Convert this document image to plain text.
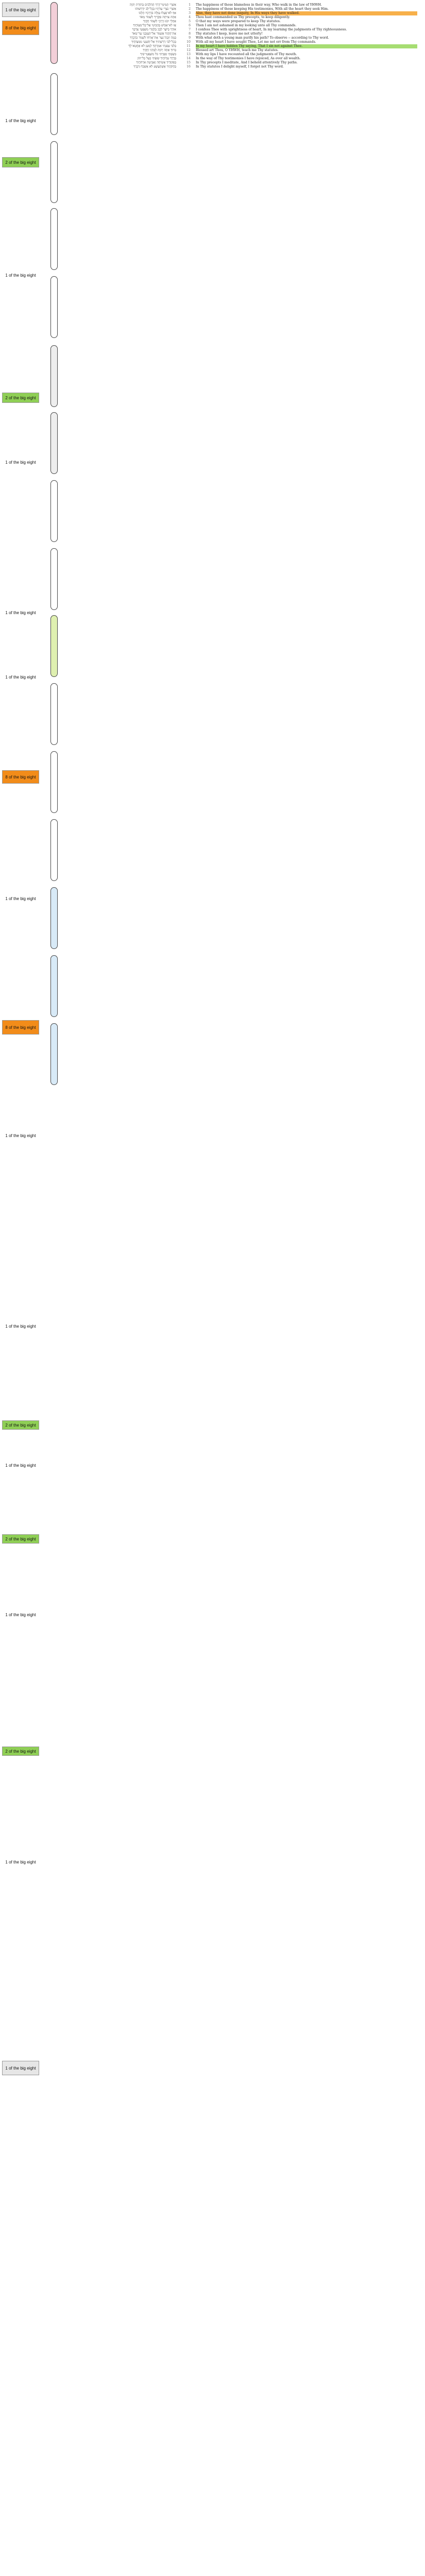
1 of the big eight
8 of the big eight
1 of the big eight
2 of the big eight
1 of the big eight
2 of the big eight
1 of the big eight
1 of the big eight
1 of the big eight
8 of the big eight
1 of the big eight
8 of the big eight
1 of the big eight
1 of the big eight
2 of the big eight
1 of the big eight
2 of the big eight
1 of the big eight
2 of the big eight
1 of the big eight
1 of the big eight
אַשְׁרֵי תְמִימֵי־דָרֶךְ הַהֹלְכִים בְּתוֹרַת יְהוָה	1 The happiness of those blameless in their way, Who walk in the law of YHWH.
אַשְׁרֵי נֹצְרֵי עֵדֹתָיו בְּכָל־לֵב יִדְרְשׁוּהוּ	2 The happiness of those keeping His testimonies, With all the heart they seek Him.
אַף לֹא־פָעֲלוּ עַוְלָה בִּדְרָכָיו הָלָכוּ	3 Also, they have not done iniquity, In His ways they have walked.
אַתָּה צִוִּיתָה פִקֻּדֶיךָ לִשְׁמֹר מְאֹד	4 Thou hast commanded us Thy precepts, to keep diligently.
אַחֲלַי יִכֹּנוּ דְרָכָי לִשְׁמֹר חֻקֶּיךָ	5 O that my ways were prepared to keep Thy statutes.
אָז לֹא־אֵבוֹשׁ בְּהַבִּיטִי אֶל־כָּל־מִצְוֹתֶיךָ	6 Then I am not ashamed in my looking unto all Thy commands.
אוֹדְךָ בְּיֹשֶׁר לֵבָב בְּלָמְדִי מִשְׁפְּטֵי צִדְקֶךָ	7 I confess Thee with uprightness of heart, In my learning the judgments of Thy righteousness.
אֶת־חֻקֶּיךָ אֶשְׁמֹר אַל־תַּעַזְבֵנִי עַד־מְאֹד	8 Thy statutes I keep, leave me not utterly!
בַּמֶּה יְזַכֶּה־נַּעַר אֶת־אָרְחוֹ לִשְׁמֹר כִּדְבָרֶךָ	9 With what doth a young man purify his path? To observe -- according to Thy word.
בְּכָל־לִבִּי דְרַשְׁתִּיךָ אַל־תַּשְׁגֵּנִי מִמִּצְוֹתֶיךָ	10 With all my heart I have sought Thee, Let me not err from Thy commands.
בְּלִבִּי צָפַנְתִּי אִמְרָתֶךָ לְמַעַן לֹא אֶחֱטָא־לָךְ	11 In my heart I have hidden Thy saying, That I sin not against Thee.
בָּרוּךְ אַתָּה יְהוָה לַמְּדֵנִי חֻקֶּיךָ	12 Blessed art Thou, O YHWH, teach me Thy statutes.
בִּשְׂפָתַי סִפַּרְתִּי כֹּל מִשְׁפְּטֵי־פִיךָ	13 With my lips I have recounted all the judgments of Thy mouth.
בְּדֶרֶךְ עֵדְוֹתֶיךָ שַׂשְׂתִּי כְּעַל כָּל־הוֹן	14 In the way of Thy testimonies I have rejoiced, As over all wealth.
בְּפִקּוּדֶיךָ אָשִׂיחָה וְאַבִּיטָה אֹרְחֹתֶיךָ	15 In Thy precepts I meditate, And I behold attentively Thy paths.
בְּחֻקֹּתֶיךָ אֶשְׁתַּעֲשָׁע לֹא אֶשְׁכַּח דְּבָרֶךָ	16 In Thy statutes I delight myself, I forget not Thy word.
